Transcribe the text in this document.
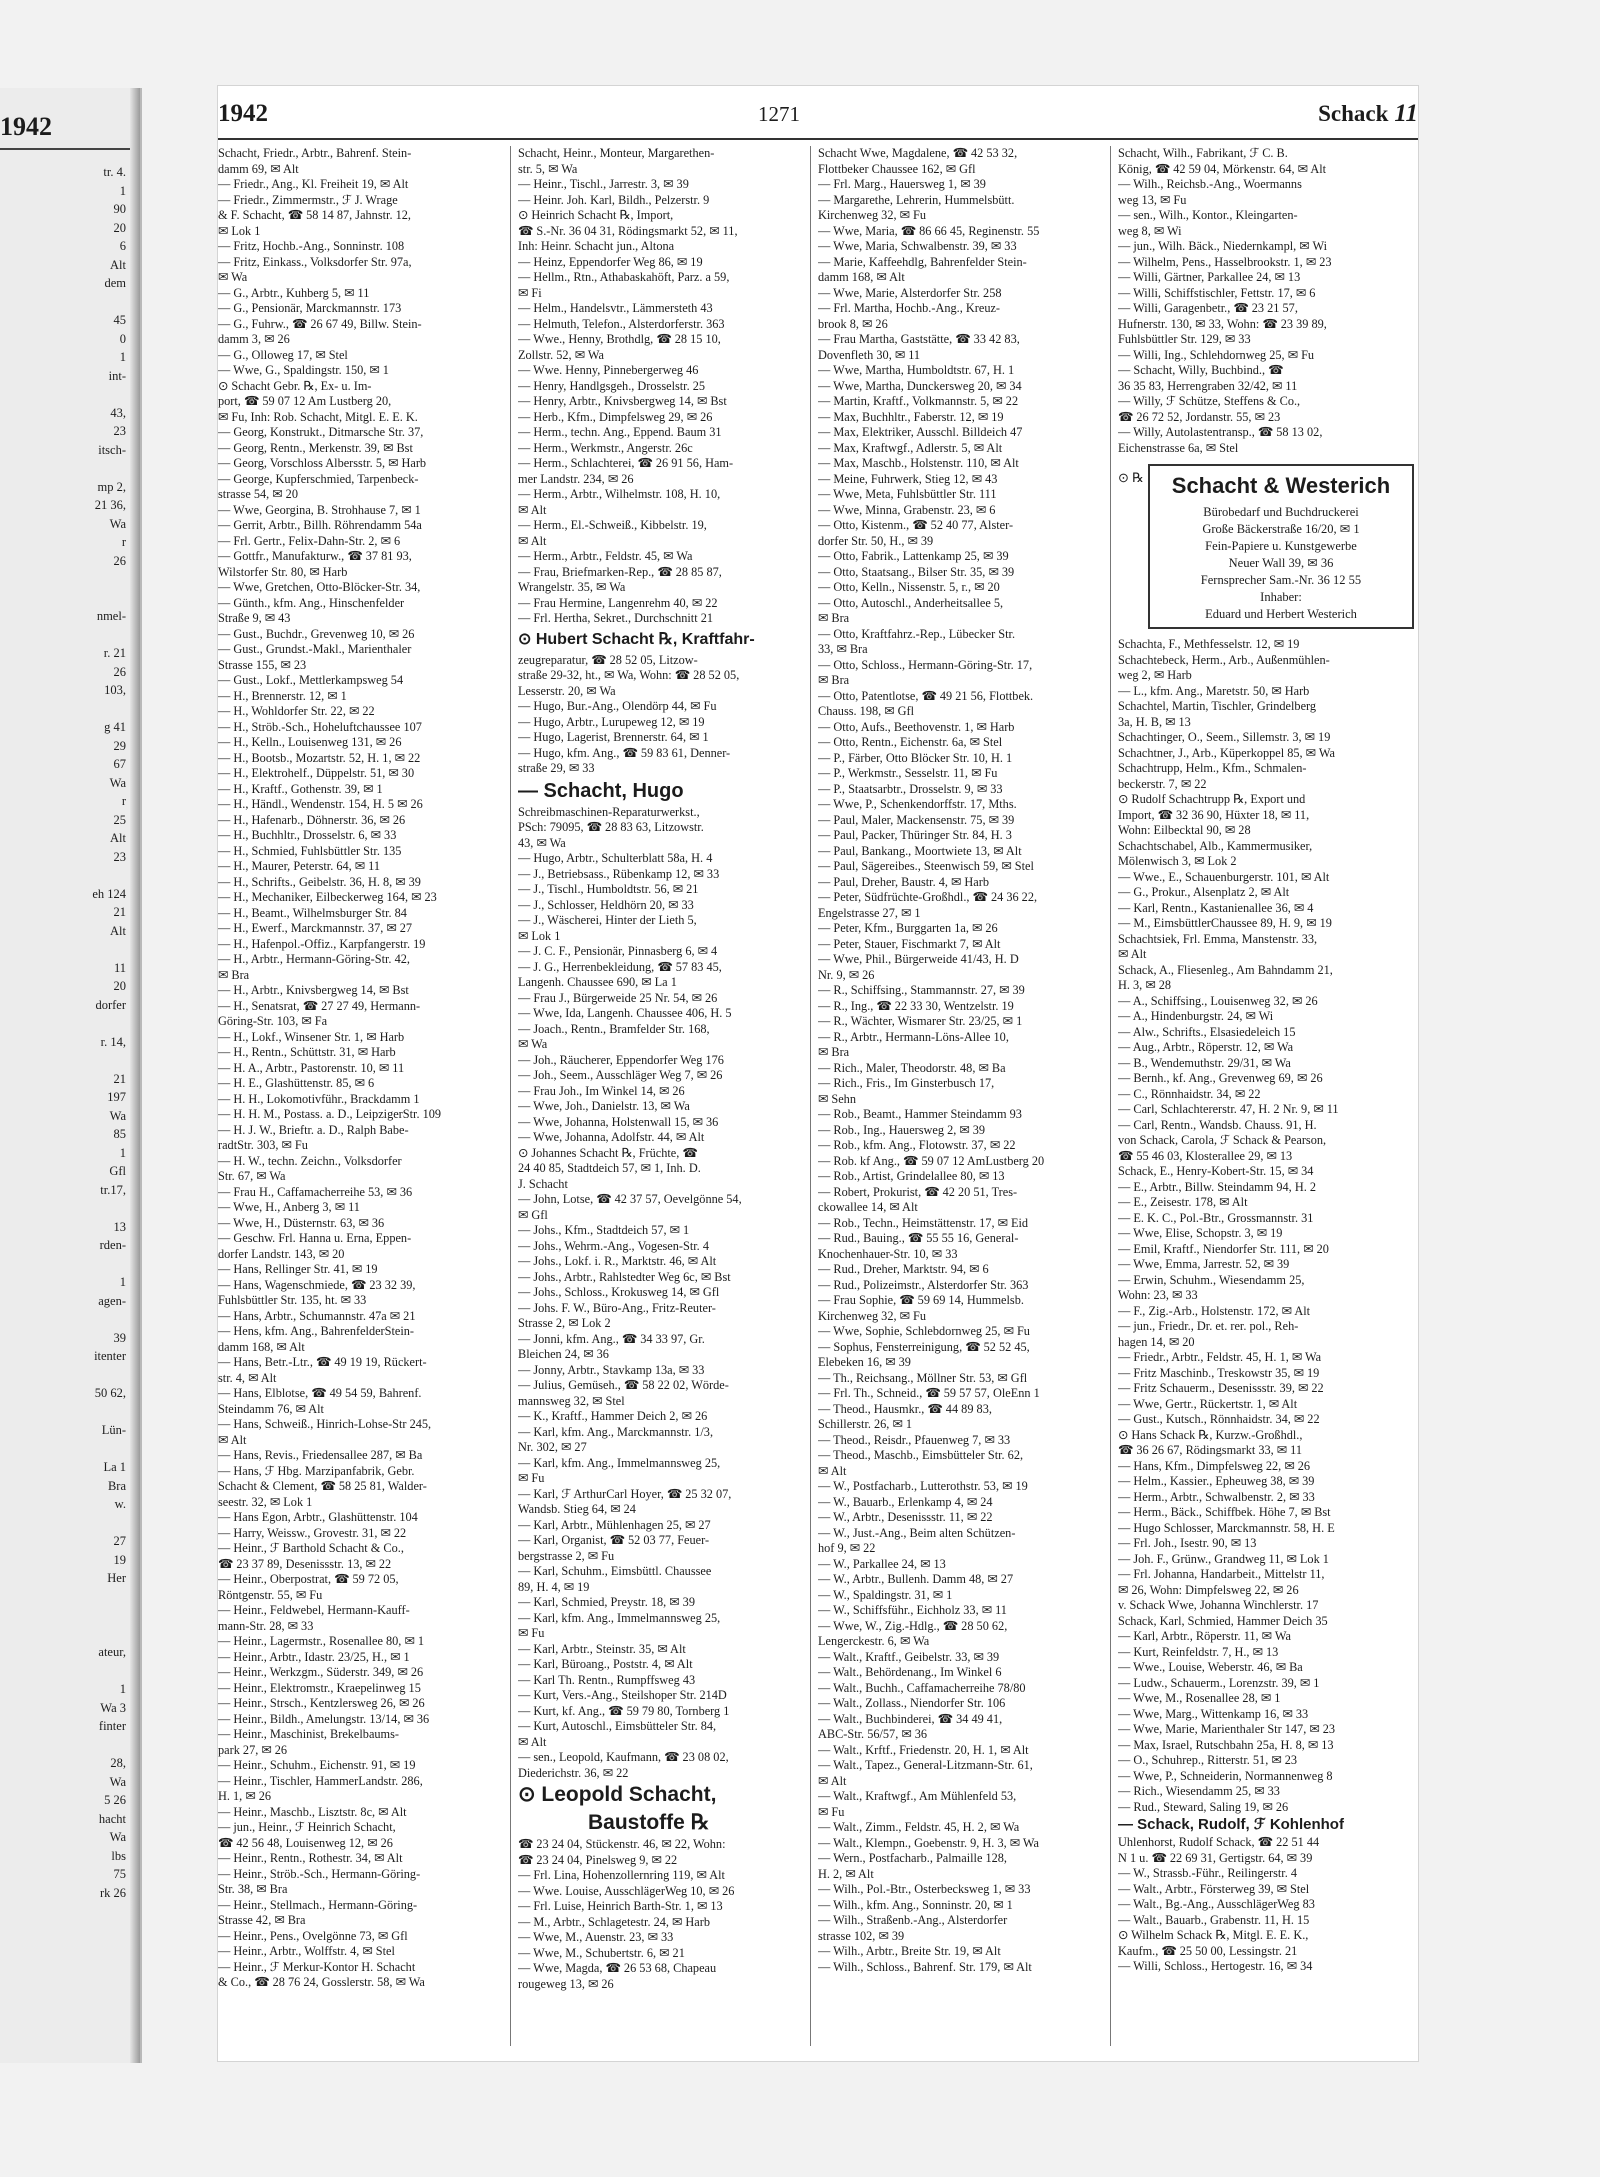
1942
tr. 4.
1
90
20
6
Alt
dem
45
0
1
int-
43,
23
itsch-
mp 2,
21 36,
Wa
r
26
nmel-
r. 21
26
103,
g 41
29
67
Wa
r
25
Alt
23
eh 124
21
Alt
11
20
dorfer
r. 14,
21
197
Wa
85
1
Gfl
tr.17,
13
rden-
1
agen-
39
itenter
50 62,
Lün-
La 1
Bra
w.
27
19
Her
ateur,
1
Wa 3
finter
28,
Wa
5 26
hacht
Wa
lbs
75
rk 26
1942	1271	Schack 11
Schacht, Friedr., Arbtr., Bahrenf. Stein-
damm 69, ✉ Alt
— Friedr., Ang., Kl. Freiheit 19, ✉ Alt
— Friedr., Zimmermstr., ℱ J. Wrage
& F. Schacht, ☎ 58 14 87, Jahnstr. 12,
✉ Lok 1
— Fritz, Hochb.-Ang., Sonninstr. 108
— Fritz, Einkass., Volksdorfer Str. 97a,
✉ Wa
— G., Arbtr., Kuhberg 5, ✉ 11
— G., Pensionär, Marckmannstr. 173
— G., Fuhrw., ☎ 26 67 49, Billw. Stein-
damm 3, ✉ 26
— G., Olloweg 17, ✉ Stel
— Wwe, G., Spaldingstr. 150, ✉ 1
⊙ Schacht Gebr. ℞, Ex- u. Im-
port, ☎ 59 07 12 Am Lustberg 20,
✉ Fu, Inh: Rob. Schacht, Mitgl. E. E. K.
— Georg, Konstrukt., Ditmarsche Str. 37,
— Georg, Rentn., Merkenstr. 39, ✉ Bst
— Georg, Vorschloss Albersstr. 5, ✉ Harb
— George, Kupferschmied, Tarpenbeck-
strasse 54, ✉ 20
— Wwe, Georgina, B. Strohhause 7, ✉ 1
— Gerrit, Arbtr., Billh. Röhrendamm 54a
— Frl. Gertr., Felix-Dahn-Str. 2, ✉ 6
— Gottfr., Manufakturw., ☎ 37 81 93,
Wilstorfer Str. 80, ✉ Harb
— Wwe, Gretchen, Otto-Blöcker-Str. 34,
— Günth., kfm. Ang., Hinschenfelder
Straße 9, ✉ 43
— Gust., Buchdr., Grevenweg 10, ✉ 26
— Gust., Grundst.-Makl., Marienthaler
Strasse 155, ✉ 23
— Gust., Lokf., Mettlerkampsweg 54
— H., Brennerstr. 12, ✉ 1
— H., Wohldorfer Str. 22, ✉ 22
— H., Ströb.-Sch., Hoheluftchaussee 107
— H., Kelln., Louisenweg 131, ✉ 26
— H., Bootsb., Mozartstr. 52, H. 1, ✉ 22
— H., Elektrohelf., Düppelstr. 51, ✉ 30
— H., Kraftf., Gothenstr. 39, ✉ 1
— H., Händl., Wendenstr. 154, H. 5 ✉ 26
— H., Hafenarb., Döhnerstr. 36, ✉ 26
— H., Buchhltr., Drosselstr. 6, ✉ 33
— H., Schmied, Fuhlsbüttler Str. 135
— H., Maurer, Peterstr. 64, ✉ 11
— H., Schrifts., Geibelstr. 36, H. 8, ✉ 39
— H., Mechaniker, Eilbeckerweg 164, ✉ 23
— H., Beamt., Wilhelmsburger Str. 84
— H., Ewerf., Marckmannstr. 37, ✉ 27
— H., Hafenpol.-Offiz., Karpfangerstr. 19
— H., Arbtr., Hermann-Göring-Str. 42,
✉ Bra
— H., Arbtr., Knivsbergweg 14, ✉ Bst
— H., Senatsrat, ☎ 27 27 49, Hermann-
Göring-Str. 103, ✉ Fa
— H., Lokf., Winsener Str. 1, ✉ Harb
— H., Rentn., Schüttstr. 31, ✉ Harb
— H. A., Arbtr., Pastorenstr. 10, ✉ 11
— H. E., Glashüttenstr. 85, ✉ 6
— H. H., Lokomotivführ., Brackdamm 1
— H. H. M., Postass. a. D., LeipzigerStr. 109
— H. J. W., Brieftr. a. D., Ralph Babe-
radtStr. 303, ✉ Fu
— H. W., techn. Zeichn., Volksdorfer
Str. 67, ✉ Wa
— Frau H., Caffamacherreihe 53, ✉ 36
— Wwe, H., Anberg 3, ✉ 11
— Wwe, H., Düsternstr. 63, ✉ 36
— Geschw. Frl. Hanna u. Erna, Eppen-
dorfer Landstr. 143, ✉ 20
— Hans, Rellinger Str. 41, ✉ 19
— Hans, Wagenschmiede, ☎ 23 32 39,
Fuhlsbüttler Str. 135, ht. ✉ 33
— Hans, Arbtr., Schumannstr. 47a ✉ 21
— Hens, kfm. Ang., BahrenfelderStein-
damm 168, ✉ Alt
— Hans, Betr.-Ltr., ☎ 49 19 19, Rückert-
str. 4, ✉ Alt
— Hans, Elblotse, ☎ 49 54 59, Bahrenf.
Steindamm 76, ✉ Alt
— Hans, Schweiß., Hinrich-Lohse-Str 245,
✉ Alt
— Hans, Revis., Friedensallee 287, ✉ Ba
— Hans, ℱ Hbg. Marzipanfabrik, Gebr.
Schacht & Clement, ☎ 58 25 81, Walder-
seestr. 32, ✉ Lok 1
— Hans Egon, Arbtr., Glashüttenstr. 104
— Harry, Weissw., Grovestr. 31, ✉ 22
— Heinr., ℱ Barthold Schacht & Co.,
☎ 23 37 89, Desenissstr. 13, ✉ 22
— Heinr., Oberpostrat, ☎ 59 72 05,
Röntgenstr. 55, ✉ Fu
— Heinr., Feldwebel, Hermann-Kauff-
mann-Str. 28, ✉ 33
— Heinr., Lagermstr., Rosenallee 80, ✉ 1
— Heinr., Arbtr., Idastr. 23/25, H., ✉ 1
— Heinr., Werkzgm., Süderstr. 349, ✉ 26
— Heinr., Elektromstr., Kraepelinweg 15
— Heinr., Strsch., Kentzlersweg 26, ✉ 26
— Heinr., Bildh., Amelungstr. 13/14, ✉ 36
— Heinr., Maschinist, Brekelbaums-
park 27, ✉ 26
— Heinr., Schuhm., Eichenstr. 91, ✉ 19
— Heinr., Tischler, HammerLandstr. 286,
H. 1, ✉ 26
— Heinr., Maschb., Lisztstr. 8c, ✉ Alt
— jun., Heinr., ℱ Heinrich Schacht,
☎ 42 56 48, Louisenweg 12, ✉ 26
— Heinr., Rentn., Rothestr. 34, ✉ Alt
— Heinr., Ströb.-Sch., Hermann-Göring-
Str. 38, ✉ Bra
— Heinr., Stellmach., Hermann-Göring-
Strasse 42, ✉ Bra
— Heinr., Pens., Ovelgönne 73, ✉ Gfl
— Heinr., Arbtr., Wolffstr. 4, ✉ Stel
— Heinr., ℱ Merkur-Kontor H. Schacht
& Co., ☎ 28 76 24, Gosslerstr. 58, ✉ Wa
Schacht, Heinr., Monteur, Margarethen-
str. 5, ✉ Wa
— Heinr., Tischl., Jarrestr. 3, ✉ 39
— Heinr. Joh. Karl, Bildh., Pelzerstr. 9
⊙ Heinrich Schacht ℞, Import,
☎ S.-Nr. 36 04 31, Rödingsmarkt 52, ✉ 11,
Inh: Heinr. Schacht jun., Altona
— Heinz, Eppendorfer Weg 86, ✉ 19
— Hellm., Rtn., Athabaskahöft, Parz. a 59,
✉ Fi
— Helm., Handelsvtr., Lämmersteth 43
— Helmuth, Telefon., Alsterdorferstr. 363
— Wwe., Henny, Brothdlg, ☎ 28 15 10,
Zollstr. 52, ✉ Wa
— Wwe. Henny, Pinnebergerweg 46
— Henry, Handlgsgeh., Drosselstr. 25
— Henry, Arbtr., Knivsbergweg 14, ✉ Bst
— Herb., Kfm., Dimpfelsweg 29, ✉ 26
— Herm., techn. Ang., Eppend. Baum 31
— Herm., Werkmstr., Angerstr. 26c
— Herm., Schlachterei, ☎ 26 91 56, Ham-
mer Landstr. 234, ✉ 26
— Herm., Arbtr., Wilhelmstr. 108, H. 10,
✉ Alt
— Herm., El.-Schweiß., Kibbelstr. 19,
✉ Alt
— Herm., Arbtr., Feldstr. 45, ✉ Wa
— Frau, Briefmarken-Rep., ☎ 28 85 87,
Wrangelstr. 35, ✉ Wa
— Frau Hermine, Langenrehm 40, ✉ 22
— Frl. Hertha, Sekret., Durchschnitt 21
⊙ Hubert Schacht ℞, Kraftfahr-
zeugreparatur, ☎ 28 52 05, Litzow-
straße 29-32, ht., ✉ Wa, Wohn: ☎ 28 52 05,
Lesserstr. 20, ✉ Wa
— Hugo, Bur.-Ang., Olendörp 44, ✉ Fu
— Hugo, Arbtr., Lurupeweg 12, ✉ 19
— Hugo, Lagerist, Brennerstr. 64, ✉ 1
— Hugo, kfm. Ang., ☎ 59 83 61, Denner-
straße 29, ✉ 33
— Schacht, Hugo
Schreibmaschinen-Reparaturwerkst.,
PSch: 79095, ☎ 28 83 63, Litzowstr.
43, ✉ Wa
— Hugo, Arbtr., Schulterblatt 58a, H. 4
— J., Betriebsass., Rübenkamp 12, ✉ 33
— J., Tischl., Humboldtstr. 56, ✉ 21
— J., Schlosser, Heldhörn 20, ✉ 33
— J., Wäscherei, Hinter der Lieth 5,
✉ Lok 1
— J. C. F., Pensionär, Pinnasberg 6, ✉ 4
— J. G., Herrenbekleidung, ☎ 57 83 45,
Langenh. Chaussee 690, ✉ La 1
— Frau J., Bürgerweide 25 Nr. 54, ✉ 26
— Wwe, Ida, Langenh. Chaussee 406, H. 5
— Joach., Rentn., Bramfelder Str. 168,
✉ Wa
— Joh., Räucherer, Eppendorfer Weg 176
— Joh., Seem., Ausschläger Weg 7, ✉ 26
— Frau Joh., Im Winkel 14, ✉ 26
— Wwe, Joh., Danielstr. 13, ✉ Wa
— Wwe, Johanna, Holstenwall 15, ✉ 36
— Wwe, Johanna, Adolfstr. 44, ✉ Alt
⊙ Johannes Schacht ℞, Früchte, ☎
24 40 85, Stadtdeich 57, ✉ 1, Inh. D.
J. Schacht
— John, Lotse, ☎ 42 37 57, Oevelgönne 54,
✉ Gfl
— Johs., Kfm., Stadtdeich 57, ✉ 1
— Johs., Wehrm.-Ang., Vogesen-Str. 4
— Johs., Lokf. i. R., Marktstr. 46, ✉ Alt
— Johs., Arbtr., Rahlstedter Weg 6c, ✉ Bst
— Johs., Schloss., Krokusweg 14, ✉ Gfl
— Johs. F. W., Büro-Ang., Fritz-Reuter-
Strasse 2, ✉ Lok 2
— Jonni, kfm. Ang., ☎ 34 33 97, Gr.
Bleichen 24, ✉ 36
— Jonny, Arbtr., Stavkamp 13a, ✉ 33
— Julius, Gemüseh., ☎ 58 22 02, Wörde-
mannsweg 32, ✉ Stel
— K., Kraftf., Hammer Deich 2, ✉ 26
— Karl, kfm. Ang., Marckmannstr. 1/3,
Nr. 302, ✉ 27
— Karl, kfm. Ang., Immelmannsweg 25,
✉ Fu
— Karl, ℱ ArthurCarl Hoyer, ☎ 25 32 07,
Wandsb. Stieg 64, ✉ 24
— Karl, Arbtr., Mühlenhagen 25, ✉ 27
— Karl, Organist, ☎ 52 03 77, Feuer-
bergstrasse 2, ✉ Fu
— Karl, Schuhm., Eimsbüttl. Chaussee
89, H. 4, ✉ 19
— Karl, Schmied, Preystr. 18, ✉ 39
— Karl, kfm. Ang., Immelmannsweg 25,
✉ Fu
— Karl, Arbtr., Steinstr. 35, ✉ Alt
— Karl, Büroang., Poststr. 4, ✉ Alt
— Karl Th. Rentn., Rumpffsweg 43
— Kurt, Vers.-Ang., Steilshoper Str. 214D
— Kurt, kf. Ang., ☎ 59 79 80, Tornberg 1
— Kurt, Autoschl., Eimsbütteler Str. 84,
✉ Alt
— sen., Leopold, Kaufmann, ☎ 23 08 02,
Diederichstr. 36, ✉ 22
⊙ Leopold Schacht,
Baustoffe ℞
☎ 23 24 04, Stückenstr. 46, ✉ 22, Wohn:
☎ 23 24 04, Pinelsweg 9, ✉ 22
— Frl. Lina, Hohenzollernring 119, ✉ Alt
— Wwe. Louise, AusschlägerWeg 10, ✉ 26
— Frl. Luise, Heinrich Barth-Str. 1, ✉ 13
— M., Arbtr., Schlagetestr. 24, ✉ Harb
— Wwe, M., Auenstr. 23, ✉ 33
— Wwe, M., Schubertstr. 6, ✉ 21
— Wwe, Magda, ☎ 26 53 68, Chapeau
rougeweg 13, ✉ 26
Schacht Wwe, Magdalene, ☎ 42 53 32,
Flottbeker Chaussee 162, ✉ Gfl
— Frl. Marg., Hauersweg 1, ✉ 39
— Margarethe, Lehrerin, Hummelsbütt.
Kirchenweg 32, ✉ Fu
— Wwe, Maria, ☎ 86 66 45, Reginenstr. 55
— Wwe, Maria, Schwalbenstr. 39, ✉ 33
— Marie, Kaffeehdlg, Bahrenfelder Stein-
damm 168, ✉ Alt
— Wwe, Marie, Alsterdorfer Str. 258
— Frl. Martha, Hochb.-Ang., Kreuz-
brook 8, ✉ 26
— Frau Martha, Gaststätte, ☎ 33 42 83,
Dovenfleth 30, ✉ 11
— Wwe, Martha, Humboldtstr. 67, H. 1
— Wwe, Martha, Dunckersweg 20, ✉ 34
— Martin, Kraftf., Volkmannstr. 5, ✉ 22
— Max, Buchhltr., Faberstr. 12, ✉ 19
— Max, Elektriker, Ausschl. Billdeich 47
— Max, Kraftwgf., Adlerstr. 5, ✉ Alt
— Max, Maschb., Holstenstr. 110, ✉ Alt
— Meine, Fuhrwerk, Stieg 12, ✉ 43
— Wwe, Meta, Fuhlsbüttler Str. 111
— Wwe, Minna, Grabenstr. 23, ✉ 6
— Otto, Kistenm., ☎ 52 40 77, Alster-
dorfer Str. 50, H., ✉ 39
— Otto, Fabrik., Lattenkamp 25, ✉ 39
— Otto, Staatsang., Bilser Str. 35, ✉ 39
— Otto, Kelln., Nissenstr. 5, r., ✉ 20
— Otto, Autoschl., Anderheitsallee 5,
✉ Bra
— Otto, Kraftfahrz.-Rep., Lübecker Str.
33, ✉ Bra
— Otto, Schloss., Hermann-Göring-Str. 17,
✉ Bra
— Otto, Patentlotse, ☎ 49 21 56, Flottbek.
Chauss. 198, ✉ Gfl
— Otto, Aufs., Beethovenstr. 1, ✉ Harb
— Otto, Rentn., Eichenstr. 6a, ✉ Stel
— P., Färber, Otto Blöcker Str. 10, H. 1
— P., Werkmstr., Sesselstr. 11, ✉ Fu
— P., Staatsarbtr., Drosselstr. 9, ✉ 33
— Wwe, P., Schenkendorffstr. 17, Mths.
— Paul, Maler, Mackensenstr. 75, ✉ 39
— Paul, Packer, Thüringer Str. 84, H. 3
— Paul, Bankang., Moortwiete 13, ✉ Alt
— Paul, Sägereibes., Steenwisch 59, ✉ Stel
— Paul, Dreher, Baustr. 4, ✉ Harb
— Peter, Südfrüchte-Großhdl., ☎ 24 36 22,
Engelstrasse 27, ✉ 1
— Peter, Kfm., Burggarten 1a, ✉ 26
— Peter, Stauer, Fischmarkt 7, ✉ Alt
— Wwe, Phil., Bürgerweide 41/43, H. D
Nr. 9, ✉ 26
— R., Schiffsing., Stammannstr. 27, ✉ 39
— R., Ing., ☎ 22 33 30, Wentzelstr. 19
— R., Wächter, Wismarer Str. 23/25, ✉ 1
— R., Arbtr., Hermann-Löns-Allee 10,
✉ Bra
— Rich., Maler, Theodorstr. 48, ✉ Ba
— Rich., Fris., Im Ginsterbusch 17,
✉ Sehn
— Rob., Beamt., Hammer Steindamm 93
— Rob., Ing., Hauersweg 2, ✉ 39
— Rob., kfm. Ang., Flotowstr. 37, ✉ 22
— Rob. kf Ang., ☎ 59 07 12 AmLustberg 20
— Rob., Artist, Grindelallee 80, ✉ 13
— Robert, Prokurist, ☎ 42 20 51, Tres-
ckowallee 14, ✉ Alt
— Rob., Techn., Heimstättenstr. 17, ✉ Eid
— Rud., Bauing., ☎ 55 55 16, General-
Knochenhauer-Str. 10, ✉ 33
— Rud., Dreher, Marktstr. 94, ✉ 6
— Rud., Polizeimstr., Alsterdorfer Str. 363
— Frau Sophie, ☎ 59 69 14, Hummelsb.
Kirchenweg 32, ✉ Fu
— Wwe, Sophie, Schlebdornweg 25, ✉ Fu
— Sophus, Fensterreinigung, ☎ 52 52 45,
Elebeken 16, ✉ 39
— Th., Reichsang., Möllner Str. 53, ✉ Gfl
— Frl. Th., Schneid., ☎ 59 57 57, OleEnn 1
— Theod., Hausmkr., ☎ 44 89 83,
Schillerstr. 26, ✉ 1
— Theod., Reisdr., Pfauenweg 7, ✉ 33
— Theod., Maschb., Eimsbütteler Str. 62,
✉ Alt
— W., Postfacharb., Lutterothstr. 53, ✉ 19
— W., Bauarb., Erlenkamp 4, ✉ 24
— W., Arbtr., Desenissstr. 11, ✉ 22
— W., Just.-Ang., Beim alten Schützen-
hof 9, ✉ 22
— W., Parkallee 24, ✉ 13
— W., Arbtr., Bullenh. Damm 48, ✉ 27
— W., Spaldingstr. 31, ✉ 1
— W., Schiffsführ., Eichholz 33, ✉ 11
— Wwe, W., Zig.-Hdlg., ☎ 28 50 62,
Lengerckestr. 6, ✉ Wa
— Walt., Kraftf., Geibelstr. 33, ✉ 39
— Walt., Behördenang., Im Winkel 6
— Walt., Buchh., Caffamacherreihe 78/80
— Walt., Zollass., Niendorfer Str. 106
— Walt., Buchbinderei, ☎ 34 49 41,
ABC-Str. 56/57, ✉ 36
— Walt., Krftf., Friedenstr. 20, H. 1, ✉ Alt
— Walt., Tapez., General-Litzmann-Str. 61,
✉ Alt
— Walt., Kraftwgf., Am Mühlenfeld 53,
✉ Fu
— Walt., Zimm., Feldstr. 45, H. 2, ✉ Wa
— Walt., Klempn., Goebenstr. 9, H. 3, ✉ Wa
— Wern., Postfacharb., Palmaille 128,
H. 2, ✉ Alt
— Wilh., Pol.-Btr., Osterbecksweg 1, ✉ 33
— Wilh., kfm. Ang., Sonninstr. 20, ✉ 1
— Wilh., Straßenb.-Ang., Alsterdorfer
strasse 102, ✉ 39
— Wilh., Arbtr., Breite Str. 19, ✉ Alt
— Wilh., Schloss., Bahrenf. Str. 179, ✉ Alt
Schacht, Wilh., Fabrikant, ℱ C. B.
König, ☎ 42 59 04, Mörkenstr. 64, ✉ Alt
— Wilh., Reichsb.-Ang., Woermanns
weg 13, ✉ Fu
— sen., Wilh., Kontor., Kleingarten-
weg 8, ✉ Wi
— jun., Wilh. Bäck., Niedernkampl, ✉ Wi
— Wilhelm, Pens., Hasselbrookstr. 1, ✉ 23
— Willi, Gärtner, Parkallee 24, ✉ 13
— Willi, Schiffstischler, Fettstr. 17, ✉ 6
— Willi, Garagenbetr., ☎ 23 21 57,
Hufnerstr. 130, ✉ 33, Wohn: ☎ 23 39 89,
Fuhlsbüttler Str. 129, ✉ 33
— Willi, Ing., Schlehdornweg 25, ✉ Fu
— Schacht, Willy, Buchbind., ☎
36 35 83, Herrengraben 32/42, ✉ 11
— Willy, ℱ Schütze, Steffens & Co.,
☎ 26 72 52, Jordanstr. 55, ✉ 23
— Willy, Autolastentransp., ☎ 58 13 02,
Eichenstrasse 6a, ✉ Stel
⊙ ℞	Schacht & Westerich
Bürobedarf und Buchdruckerei
Große Bäckerstraße 16/20, ✉ 1
Fein-Papiere u. Kunstgewerbe
Neuer Wall 39, ✉ 36
Fernsprecher Sam.-Nr. 36 12 55
Inhaber:
Eduard und Herbert Westerich
Schachta, F., Methfesselstr. 12, ✉ 19
Schachtebeck, Herm., Arb., Außenmühlen-
weg 2, ✉ Harb
— L., kfm. Ang., Maretstr. 50, ✉ Harb
Schachtel, Martin, Tischler, Grindelberg
3a, H. B, ✉ 13
Schachtinger, O., Seem., Sillemstr. 3, ✉ 19
Schachtner, J., Arb., Küperkoppel 85, ✉ Wa
Schachtrupp, Helm., Kfm., Schmalen-
beckerstr. 7, ✉ 22
⊙ Rudolf Schachtrupp ℞, Export und
Import, ☎ 32 36 90, Hüxter 18, ✉ 11,
Wohn: Eilbecktal 90, ✉ 28
Schachtschabel, Alb., Kammermusiker,
Mölenwisch 3, ✉ Lok 2
— Wwe., E., Schauenburgerstr. 101, ✉ Alt
— G., Prokur., Alsenplatz 2, ✉ Alt
— Karl, Rentn., Kastanienallee 36, ✉ 4
— M., EimsbüttlerChaussee 89, H. 9, ✉ 19
Schachtsiek, Frl. Emma, Manstenstr. 33,
✉ Alt
Schack, A., Fliesenleg., Am Bahndamm 21,
H. 3, ✉ 28
— A., Schiffsing., Louisenweg 32, ✉ 26
— A., Hindenburgstr. 24, ✉ Wi
— Alw., Schrifts., Elsasiedeleich 15
— Aug., Arbtr., Röperstr. 12, ✉ Wa
— B., Wendemuthstr. 29/31, ✉ Wa
— Bernh., kf. Ang., Grevenweg 69, ✉ 26
— C., Rönnhaidstr. 34, ✉ 22
— Carl, Schlachtererstr. 47, H. 2 Nr. 9, ✉ 11
— Carl, Rentn., Wandsb. Chauss. 91, H.
von Schack, Carola, ℱ Schack & Pearson,
☎ 55 46 03, Klosterallee 29, ✉ 13
Schack, E., Henry-Kobert-Str. 15, ✉ 34
— E., Arbtr., Billw. Steindamm 94, H. 2
— E., Zeisestr. 178, ✉ Alt
— E. K. C., Pol.-Btr., Grossmannstr. 31
— Wwe, Elise, Schopstr. 3, ✉ 19
— Emil, Kraftf., Niendorfer Str. 111, ✉ 20
— Wwe, Emma, Jarrestr. 52, ✉ 39
— Erwin, Schuhm., Wiesendamm 25,
Wohn: 23, ✉ 33
— F., Zig.-Arb., Holstenstr. 172, ✉ Alt
— jun., Friedr., Dr. et. rer. pol., Reh-
hagen 14, ✉ 20
— Friedr., Arbtr., Feldstr. 45, H. 1, ✉ Wa
— Fritz Maschinb., Treskowstr 35, ✉ 19
— Fritz Schauerm., Desenissstr. 39, ✉ 22
— Wwe, Gertr., Rückertstr. 1, ✉ Alt
— Gust., Kutsch., Rönnhaidstr. 34, ✉ 22
⊙ Hans Schack ℞, Kurzw.-Großhdl.,
☎ 36 26 67, Rödingsmarkt 33, ✉ 11
— Hans, Kfm., Dimpfelsweg 22, ✉ 26
— Helm., Kassier., Epheuweg 38, ✉ 39
— Herm., Arbtr., Schwalbenstr. 2, ✉ 33
— Herm., Bäck., Schiffbek. Höhe 7, ✉ Bst
— Hugo Schlosser, Marckmannstr. 58, H. E
— Frl. Joh., Isestr. 90, ✉ 13
— Joh. F., Grünw., Grandweg 11, ✉ Lok 1
— Frl. Johanna, Handarbeit., Mittelstr 11,
✉ 26, Wohn: Dimpfelsweg 22, ✉ 26
v. Schack Wwe, Johanna Winchlerstr. 17
Schack, Karl, Schmied, Hammer Deich 35
— Karl, Arbtr., Röperstr. 11, ✉ Wa
— Kurt, Reinfeldstr. 7, H., ✉ 13
— Wwe., Louise, Weberstr. 46, ✉ Ba
— Ludw., Schauerm., Lorenzstr. 39, ✉ 1
— Wwe, M., Rosenallee 28, ✉ 1
— Wwe, Marg., Wittenkamp 16, ✉ 33
— Wwe, Marie, Marienthaler Str 147, ✉ 23
— Max, Israel, Rutschbahn 25a, H. 8, ✉ 13
— O., Schuhrep., Ritterstr. 51, ✉ 23
— Wwe, P., Schneiderin, Normannenweg 8
— Rich., Wiesendamm 25, ✉ 33
— Rud., Steward, Saling 19, ✉ 26
— Schack, Rudolf, ℱ Kohlenhof
Uhlenhorst, Rudolf Schack, ☎ 22 51 44
N 1 u. ☎ 22 69 31, Gertigstr. 64, ✉ 39
— W., Strassb.-Führ., Reilingerstr. 4
— Walt., Arbtr., Försterweg 39, ✉ Stel
— Walt., Bg.-Ang., AusschlägerWeg 83
— Walt., Bauarb., Grabenstr. 11, H. 15
⊙ Wilhelm Schack ℞, Mitgl. E. E. K.,
Kaufm., ☎ 25 50 00, Lessingstr. 21
— Willi, Schloss., Hertogestr. 16, ✉ 34
